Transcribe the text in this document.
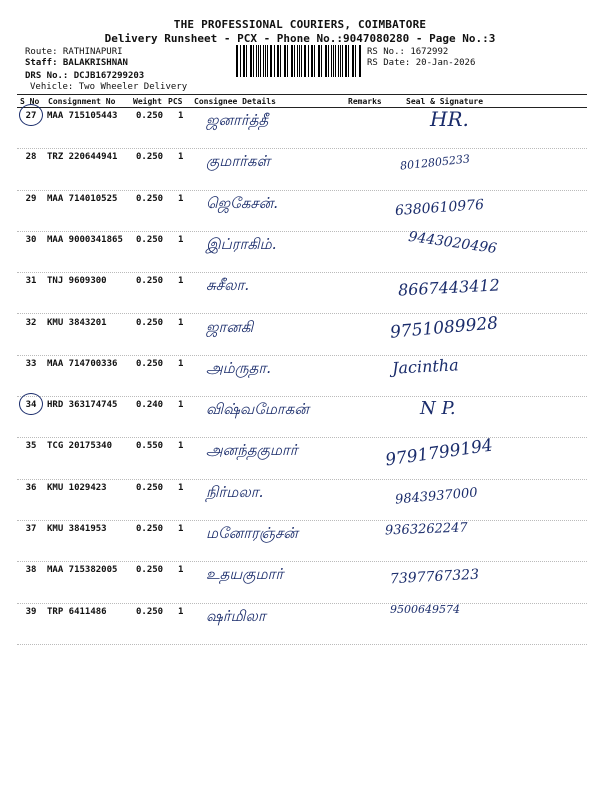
THE PROFESSIONAL COURIERS, COIMBATORE
Delivery Runsheet - PCX - Phone No.:9047080280 - Page No.:3
Route: RATHINAPURI
Staff: BALAKRISHNAN
DRS No.: DCJB167299203
Vehicle: Two Wheeler Delivery
RS No.: 1672992
RS Date: 20-Jan-2026
S No Consignment No Weight PCS Consignee Details	Remarks	Seal & Signature
27	MAA 715105443 0.250 1 ஜனார்த்தீ	HR.
28	TRZ 220644941 0.250 1 குமார்கள்	8012805233
29	MAA 714010525 0.250 1 ஜெகேசன்.	6380610976
30	MAA 9000341865 0.250 1 இப்ராகிம்.	9443020496
31	TNJ 9609300	0.250 1 சுசீலா.	8667443412
32	KMU 3843201	0.250 1 ஜானகி	9751089928
33	MAA 714700336 0.250 1 அம்ருதா.	Jacintha
34	HRD 363174745 0.240 1 விஷ்வமோகன்	N P.
35	TCG 20175340	0.550 1 அனந்தகுமார்	9791799194
36	KMU 1029423	0.250 1 நிர்மலா.	9843937000
37	KMU 3841953	0.250 1 மனோரஞ்சன்	9363262247
38	MAA 715382005 0.250 1 உதயகுமார்	7397767323
39	TRP 6411486	0.250 1 ஷர்மிலா	9500649574
